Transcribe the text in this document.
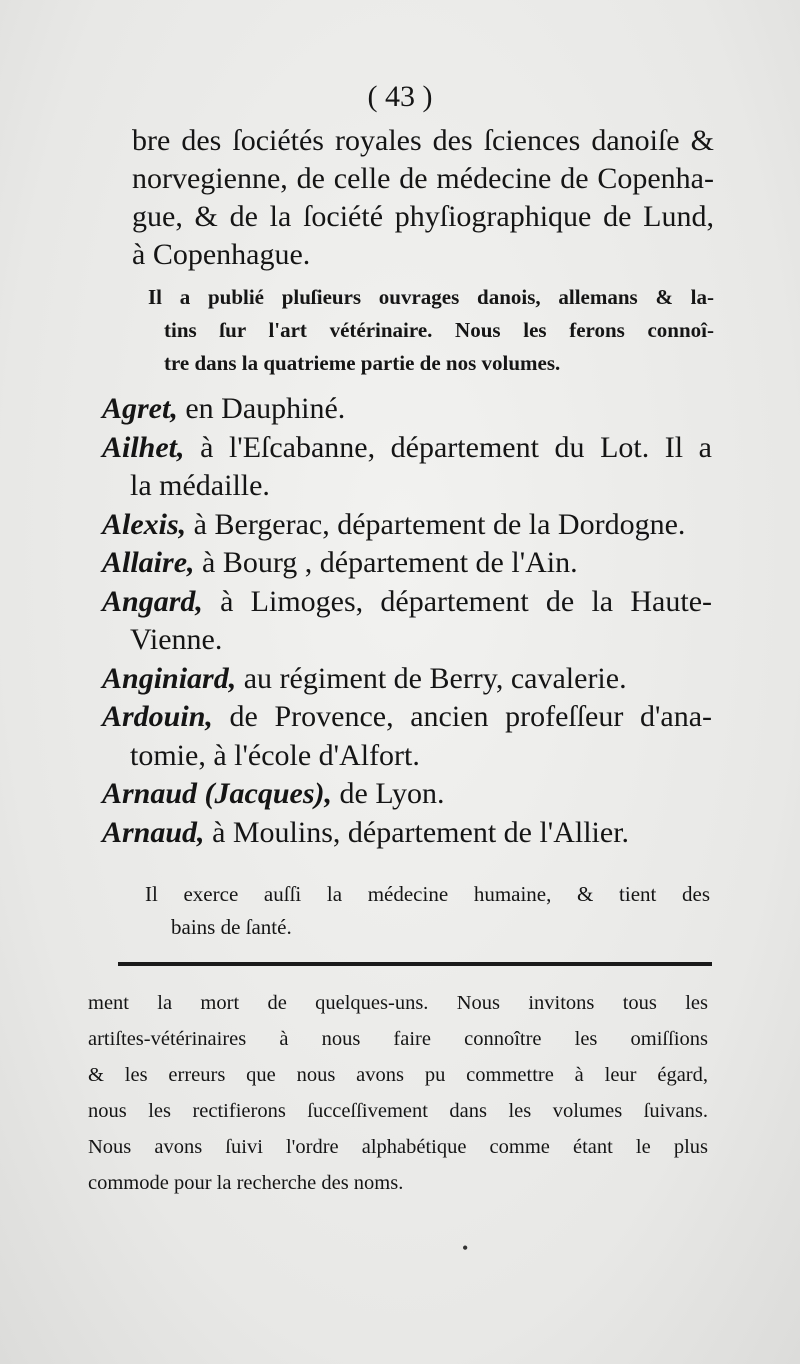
( 43 )
bre des ſociétés royales des ſciences danoiſe &
norvegienne, de celle de médecine de Copenha-
gue, & de la ſociété phyſiographique de Lund,
à Copenhague.
Il a publié pluſieurs ouvrages danois, allemans & la-
tins ſur l'art vétérinaire. Nous les ferons connoî-
tre dans la quatrieme partie de nos volumes.
Agret, en Dauphiné.
Ailhet, à l'Eſcabanne, département du Lot. Il a
la médaille.
Alexis, à Bergerac, département de la Dordogne.
Allaire, à Bourg , département de l'Ain.
Angard, à Limoges, département de la Haute-
Vienne.
Anginiard, au régiment de Berry, cavalerie.
Ardouin, de Provence, ancien profeſſeur d'ana-
tomie, à l'école d'Alfort.
Arnaud (Jacques), de Lyon.
Arnaud, à Moulins, département de l'Allier.
Il exerce auſſi la médecine humaine, & tient des
bains de ſanté.
ment la mort de quelques-uns. Nous invitons tous les
artiſtes-vétérinaires à nous faire connoître les omiſſions
& les erreurs que nous avons pu commettre à leur égard,
nous les rectifierons ſucceſſivement dans les volumes ſuivans.
Nous avons ſuivi l'ordre alphabétique comme étant le plus
commode pour la recherche des noms.
•
